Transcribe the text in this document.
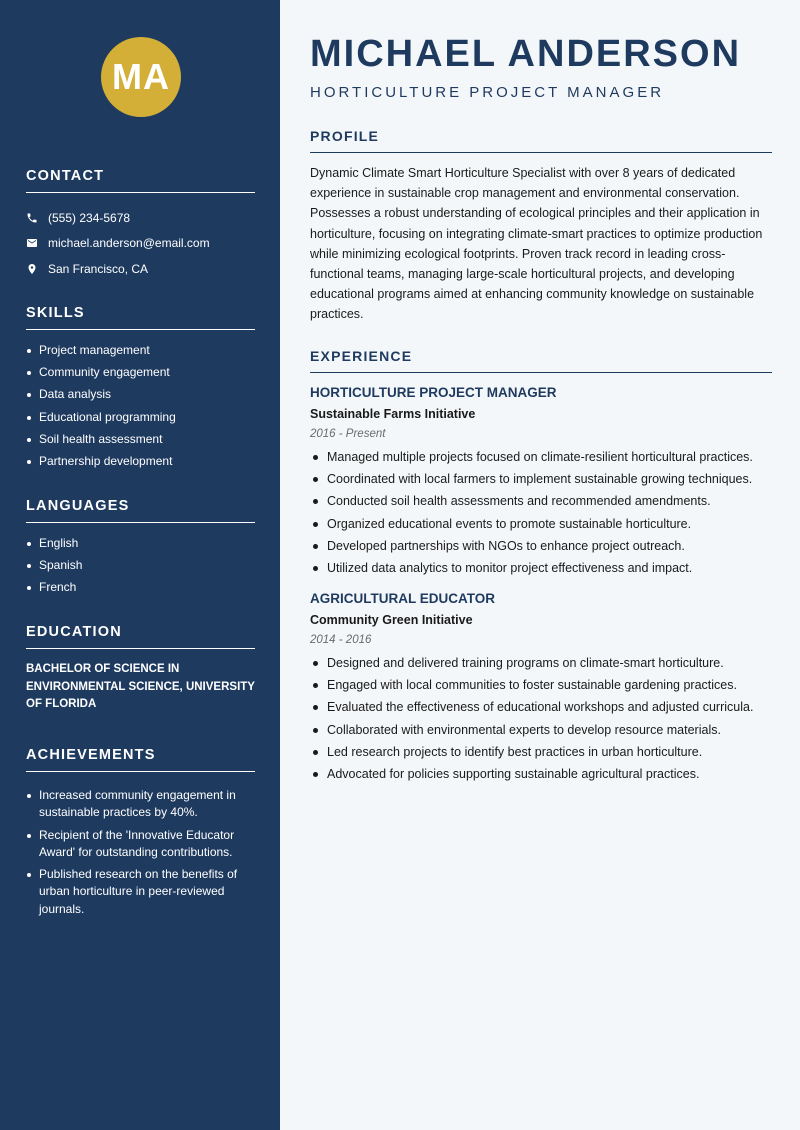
MA
CONTACT
(555) 234-5678
michael.anderson@email.com
San Francisco, CA
SKILLS
Project management
Community engagement
Data analysis
Educational programming
Soil health assessment
Partnership development
LANGUAGES
English
Spanish
French
EDUCATION

BACHELOR OF SCIENCE IN ENVIRONMENTAL SCIENCE, UNIVERSITY OF FLORIDA

ACHIEVEMENTS
Increased community engagement in sustainable practices by 40%.
Recipient of the 'Innovative Educator Award' for outstanding contributions.
Published research on the benefits of urban horticulture in peer-reviewed journals.
MICHAEL ANDERSON
HORTICULTURE PROJECT MANAGER
PROFILE

Dynamic Climate Smart Horticulture Specialist with over 8 years of dedicated experience in sustainable crop management and environmental conservation. Possesses a robust understanding of ecological principles and their application in horticulture, focusing on integrating climate-smart practices to optimize production while minimizing ecological footprints. Proven track record in leading cross-functional teams, managing large-scale horticultural projects, and developing educational programs aimed at enhancing community knowledge on sustainable practices.

EXPERIENCE
HORTICULTURE PROJECT MANAGER
Sustainable Farms Initiative
2016 - Present
Managed multiple projects focused on climate-resilient horticultural practices.
Coordinated with local farmers to implement sustainable growing techniques.
Conducted soil health assessments and recommended amendments.
Organized educational events to promote sustainable horticulture.
Developed partnerships with NGOs to enhance project outreach.
Utilized data analytics to monitor project effectiveness and impact.
AGRICULTURAL EDUCATOR
Community Green Initiative
2014 - 2016
Designed and delivered training programs on climate-smart horticulture.
Engaged with local communities to foster sustainable gardening practices.
Evaluated the effectiveness of educational workshops and adjusted curricula.
Collaborated with environmental experts to develop resource materials.
Led research projects to identify best practices in urban horticulture.
Advocated for policies supporting sustainable agricultural practices.
